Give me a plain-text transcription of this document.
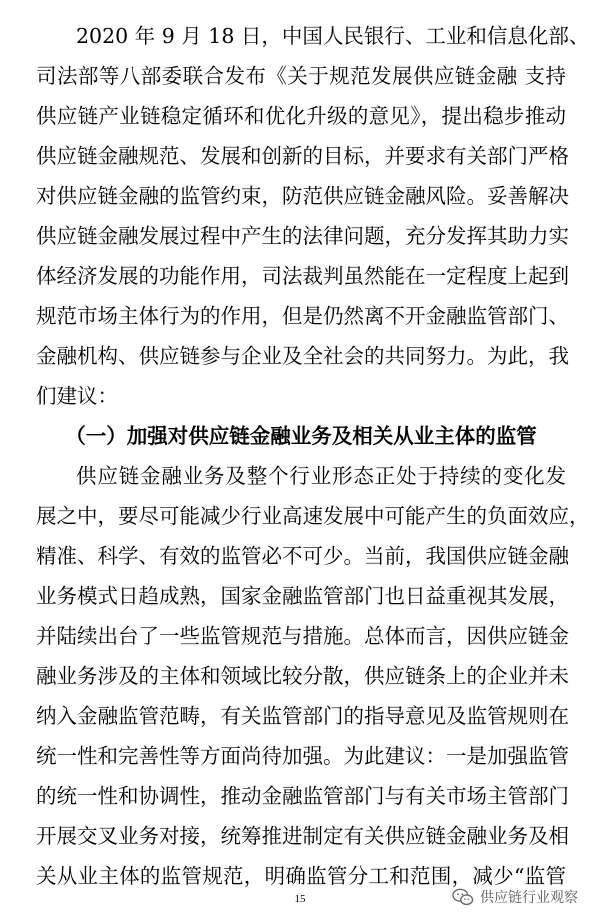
2020 年 9 月 18 日，中国人民银行、工业和信息化部、
司法部等八部委联合发布《关于规范发展供应链金融 支持
供应链产业链稳定循环和优化升级的意见》，提出稳步推动
供应链金融规范、发展和创新的目标，并要求有关部门严格
对供应链金融的监管约束，防范供应链金融风险。妥善解决
供应链金融发展过程中产生的法律问题，充分发挥其助力实
体经济发展的功能作用，司法裁判虽然能在一定程度上起到
规范市场主体行为的作用，但是仍然离不开金融监管部门、
金融机构、供应链参与企业及全社会的共同努力。为此，我
们建议：
（一）加强对供应链金融业务及相关从业主体的监管
供应链金融业务及整个行业形态正处于持续的变化发
展之中，要尽可能减少行业高速发展中可能产生的负面效应，
精准、科学、有效的监管必不可少。当前，我国供应链金融
业务模式日趋成熟，国家金融监管部门也日益重视其发展，
并陆续出台了一些监管规范与措施。总体而言，因供应链金
融业务涉及的主体和领域比较分散，供应链条上的企业并未
纳入金融监管范畴，有关监管部门的指导意见及监管规则在
统一性和完善性等方面尚待加强。为此建议：一是加强监管
的统一性和协调性，推动金融监管部门与有关市场主管部门
开展交叉业务对接，统筹推进制定有关供应链金融业务及相
关从业主体的监管规范，明确监管分工和范围，减少“监管
15	供应链行业观察
